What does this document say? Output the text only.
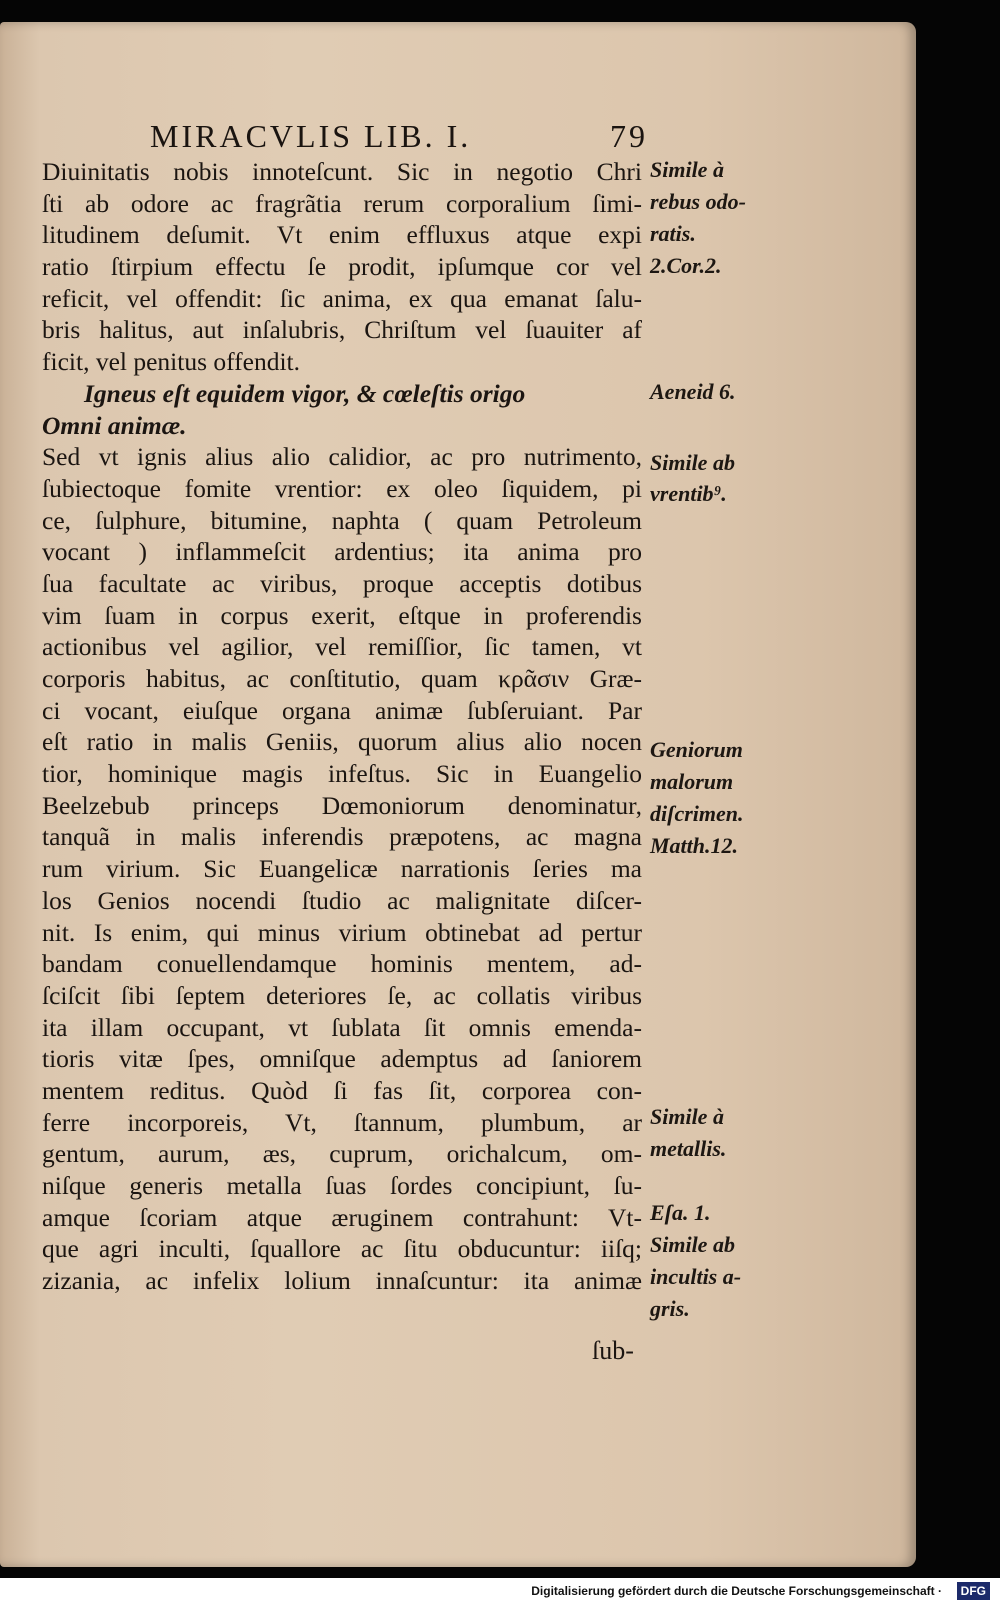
MIRACVLIS LIB. I.	79
Diuinitatis nobis innoteſcunt. Sic in negotio Chri
ſti ab odore ac fragrãtia rerum corporalium ſimi-
litudinem deſumit. Vt enim effluxus atque expi
ratio ſtirpium effectu ſe prodit, ipſumque cor vel
reficit, vel offendit: ſic anima, ex qua emanat ſalu-
bris halitus, aut inſalubris, Chriſtum vel ſuauiter af
ficit, vel penitus offendit.
Igneus eſt equidem vigor, & cœleſtis origo
Omni animæ.
Sed vt ignis alius alio calidior, ac pro nutrimento,
ſubiectoque fomite vrentior: ex oleo ſiquidem, pi
ce, ſulphure, bitumine, naphta ( quam Petroleum
vocant ) inflammeſcit ardentius; ita anima pro
ſua facultate ac viribus, proque acceptis dotibus
vim ſuam in corpus exerit, eſtque in proferendis
actionibus vel agilior, vel remiſſior, ſic tamen, vt
corporis habitus, ac conſtitutio, quam κρᾶσιν Græ-
ci vocant, eiuſque organa animæ ſubſeruiant. Par
eſt ratio in malis Geniis, quorum alius alio nocen
tior, hominique magis infeſtus. Sic in Euangelio
Beelzebub princeps Dœmoniorum denominatur,
tanquã in malis inferendis præpotens, ac magna
rum virium. Sic Euangelicæ narrationis ſeries ma
los Genios nocendi ſtudio ac malignitate diſcer-
nit. Is enim, qui minus virium obtinebat ad pertur
bandam conuellendamque hominis mentem, ad-
ſciſcit ſibi ſeptem deteriores ſe, ac collatis viribus
ita illam occupant, vt ſublata ſit omnis emenda-
tioris vitæ ſpes, omniſque ademptus ad ſaniorem
mentem reditus. Quòd ſi fas ſit, corporea con-
ferre incorporeis, Vt, ſtannum, plumbum, ar
gentum, aurum, æs, cuprum, orichalcum, om-
niſque generis metalla ſuas ſordes concipiunt, ſu-
amque ſcoriam atque æruginem contrahunt: Vt-
que agri inculti, ſquallore ac ſitu obducuntur: iiſq;
zizania, ac infelix lolium innaſcuntur: ita animæ
ſub-
Simile à
rebus odo-
ratis.
2.Cor.2.
Aeneid 6.
Simile ab
vrentib⁹.
Geniorum
malorum
diſcrimen.
Matth.12.
Simile à
metallis.
Eſa. 1.
Simile ab
incultis a-
gris.
Digitalisierung gefördert durch die Deutsche Forschungsgemeinschaft ·	DFG
